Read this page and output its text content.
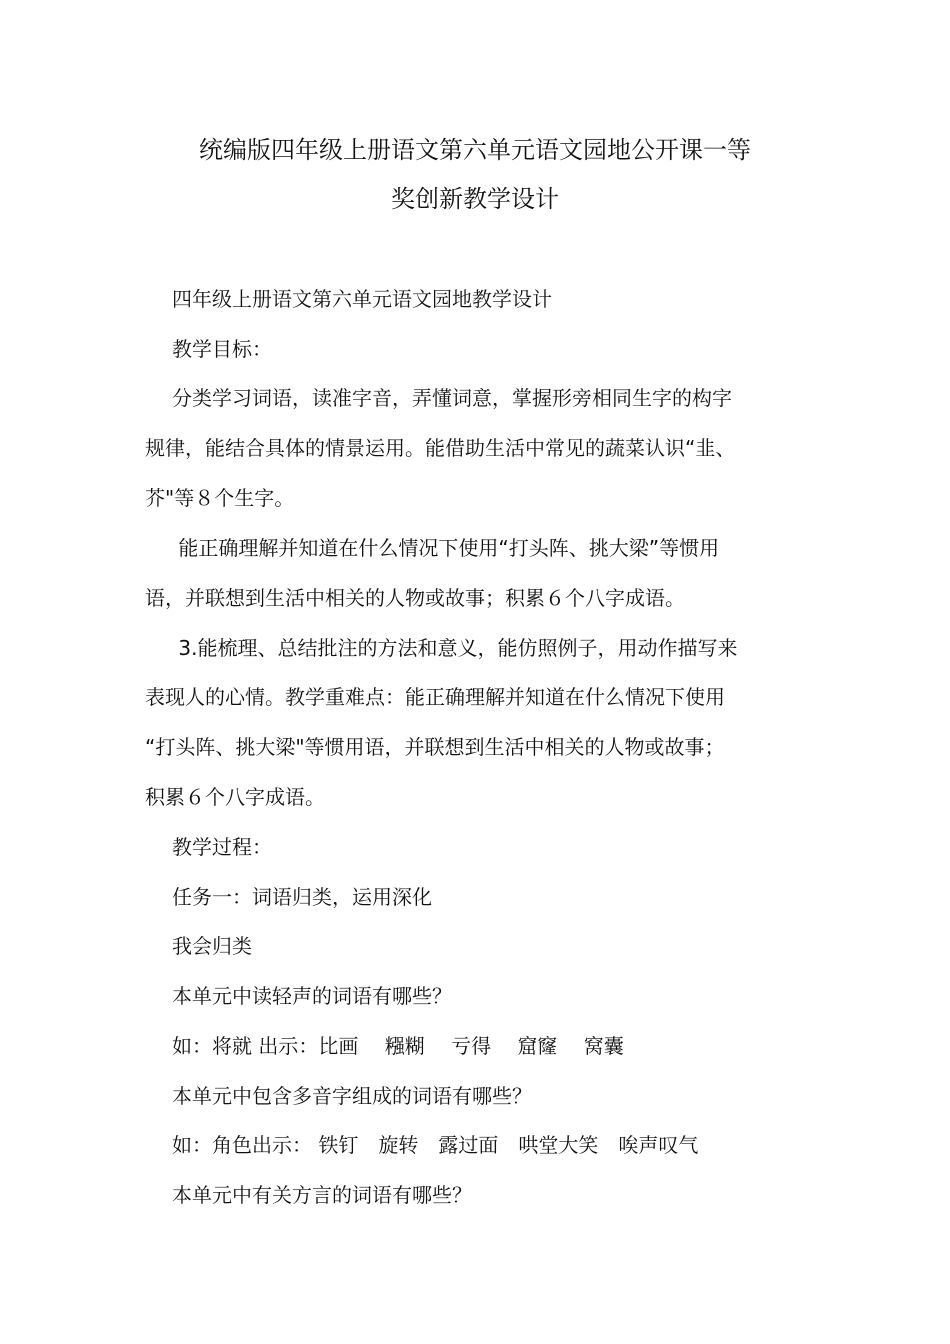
统编版四年级上册语文第六单元语文园地公开课一等
奖创新教学设计
四年级上册语文第六单元语文园地教学设计
教学目标：
分类学习词语，读准字音，弄懂词意，掌握形旁相同生字的构字
规律，能结合具体的情景运用。能借助生活中常见的蔬菜认识“韭、
芥"等８个生字。
能正确理解并知道在什么情况下使用“打头阵、挑大梁”等惯用
语，并联想到生活中相关的人物或故事；积累６个八字成语。
3.能梳理、总结批注的方法和意义，能仿照例子，用动作描写来
表现人的心情。教学重难点：能正确理解并知道在什么情况下使用
“打头阵、挑大梁"等惯用语，并联想到生活中相关的人物或故事；
积累６个八字成语。
教学过程：
任务一：词语归类，运用深化
我会归类
本单元中读轻声的词语有哪些？
如：将就 出示：比画　 糨糊　 亏得　 窟窿　 窝囊
本单元中包含多音字组成的词语有哪些？
如：角色出示： 铁钉　旋转　露过面　哄堂大笑　唉声叹气
本单元中有关方言的词语有哪些？
